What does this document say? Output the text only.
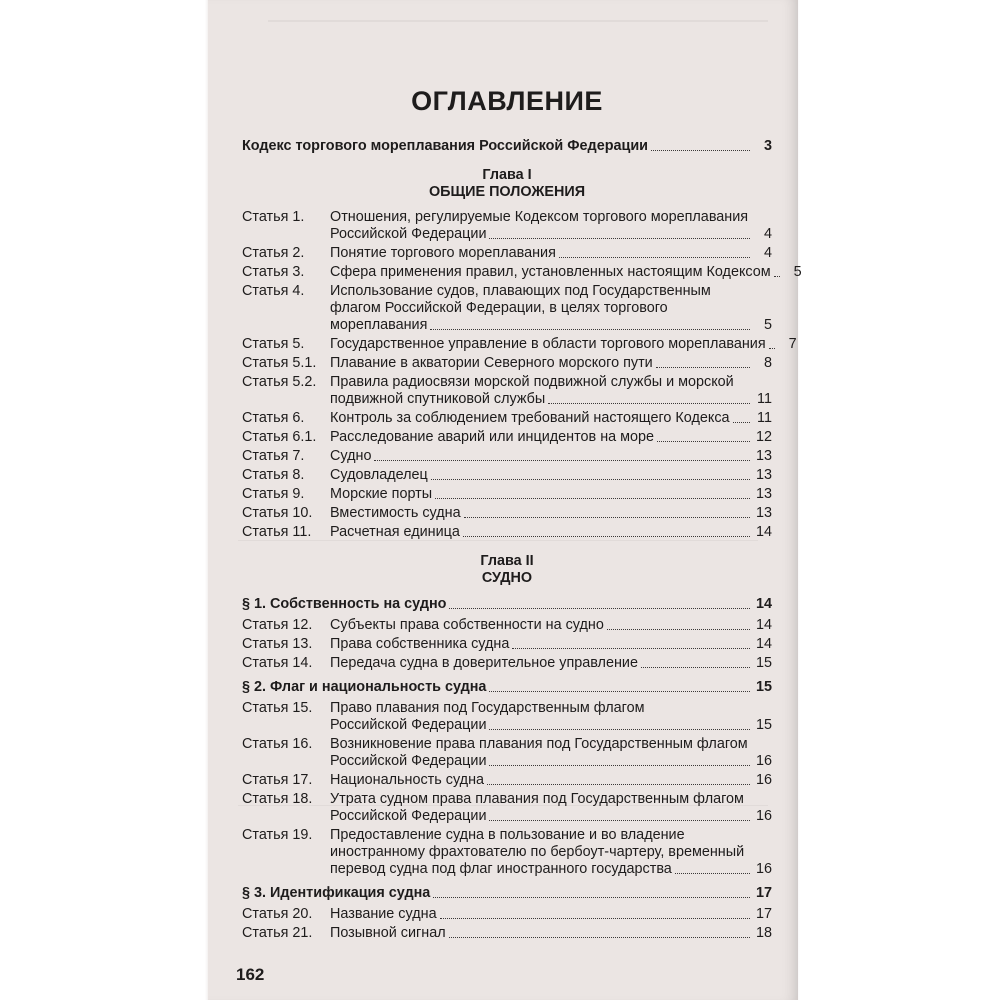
ОГЛАВЛЕНИЕ
Кодекс торгового мореплавания Российской Федерации	3
Глава I
ОБЩИЕ ПОЛОЖЕНИЯ
Статья 1.	Отношения, регулируемые Кодексом торгового мореплавания
Российской Федерации	4
Статья 2.	Понятие торгового мореплавания	4
Статья 3.	Сфера применения правил, установленных настоящим Кодексом	5
Статья 4.	Использование судов, плавающих под Государственным
флагом Российской Федерации, в целях торгового
мореплавания	5
Статья 5.	Государственное управление в области торгового мореплавания	7
Статья 5.1. Плавание в акватории Северного морского пути	8
Статья 5.2. Правила радиосвязи морской подвижной службы и морской
подвижной спутниковой службы	11
Статья 6.	Контроль за соблюдением требований настоящего Кодекса	11
Статья 6.1. Расследование аварий или инцидентов на море	12
Статья 7.	Судно	13
Статья 8.	Судовладелец	13
Статья 9.	Морские порты	13
Статья 10.	Вместимость судна	13
Статья 11.	Расчетная единица	14
Глава II
СУДНО
§ 1. Собственность на судно	14
Статья 12.	Субъекты права собственности на судно	14
Статья 13.	Права собственника судна	14
Статья 14.	Передача судна в доверительное управление	15
§ 2. Флаг и национальность судна	15
Статья 15.	Право плавания под Государственным флагом
Российской Федерации	15
Статья 16.	Возникновение права плавания под Государственным флагом
Российской Федерации	16
Статья 17.	Национальность судна	16
Статья 18.	Утрата судном права плавания под Государственным флагом
Российской Федерации	16
Статья 19.	Предоставление судна в пользование и во владение
иностранному фрахтователю по бербоут-чартеру, временный
перевод судна под флаг иностранного государства	16
§ 3. Идентификация судна	17
Статья 20.	Название судна	17
Статья 21.	Позывной сигнал	18
162
